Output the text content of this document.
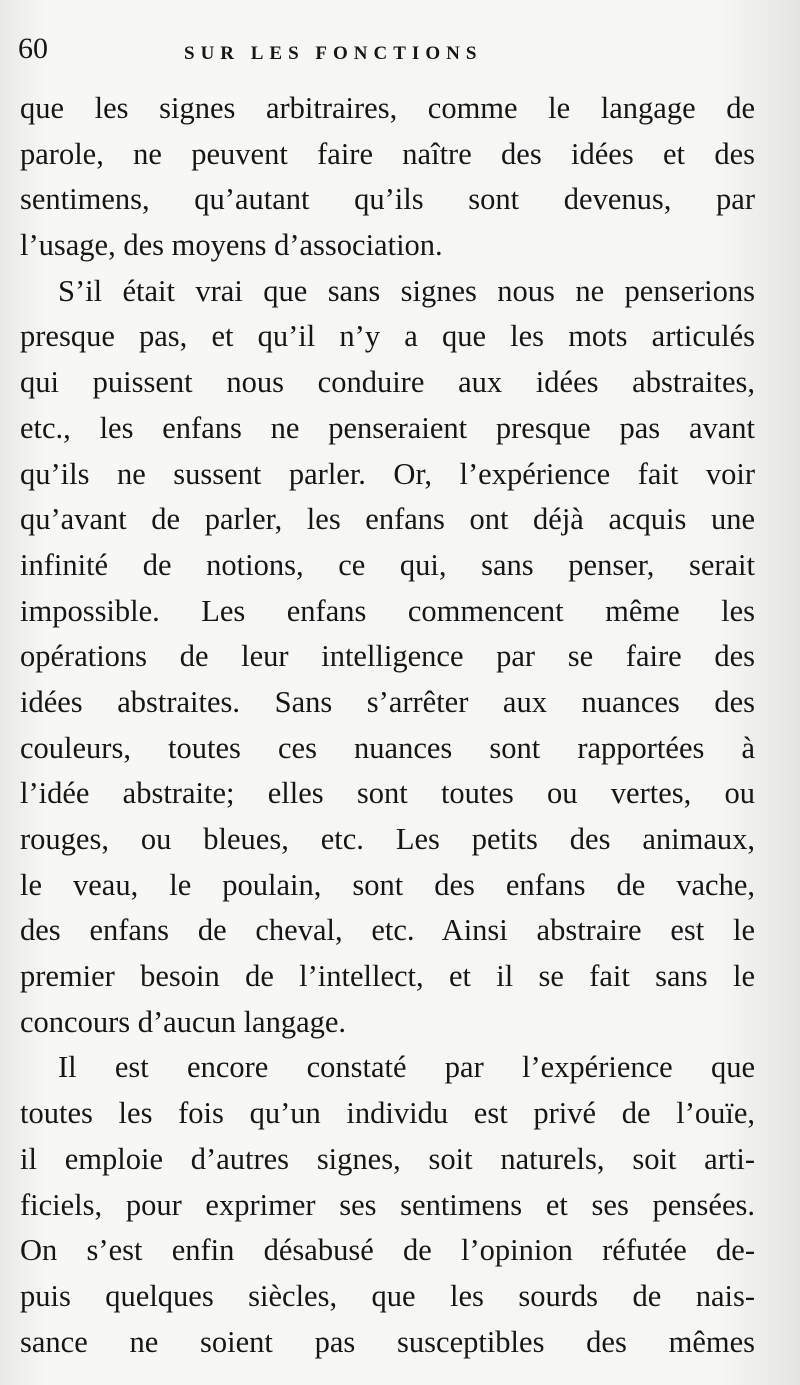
60	SUR LES FONCTIONS
que les signes arbitraires, comme le langage de
parole, ne peuvent faire naître des idées et des
sentimens, qu’autant qu’ils sont devenus, par
l’usage, des moyens d’association.
S’il était vrai que sans signes nous ne penserions
presque pas, et qu’il n’y a que les mots articulés
qui puissent nous conduire aux idées abstraites,
etc., les enfans ne penseraient presque pas avant
qu’ils ne sussent parler. Or, l’expérience fait voir
qu’avant de parler, les enfans ont déjà acquis une
infinité de notions, ce qui, sans penser, serait
impossible. Les enfans commencent même les
opérations de leur intelligence par se faire des
idées abstraites. Sans s’arrêter aux nuances des
couleurs, toutes ces nuances sont rapportées à
l’idée abstraite; elles sont toutes ou vertes, ou
rouges, ou bleues, etc. Les petits des animaux,
le veau, le poulain, sont des enfans de vache,
des enfans de cheval, etc. Ainsi abstraire est le
premier besoin de l’intellect, et il se fait sans le
concours d’aucun langage.
Il est encore constaté par l’expérience que
toutes les fois qu’un individu est privé de l’ouïe,
il emploie d’autres signes, soit naturels, soit arti-
ficiels, pour exprimer ses sentimens et ses pensées.
On s’est enfin désabusé de l’opinion réfutée de-
puis quelques siècles, que les sourds de nais-
sance ne soient pas susceptibles des mêmes
